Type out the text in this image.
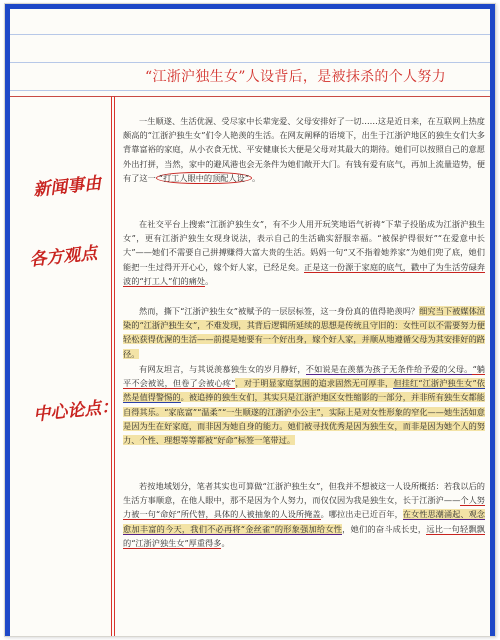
“江浙沪独生女”人设背后，是被抹杀的个人努力
新闻事由
各方观点
中心论点：

一生顺遂、生活优渥、受尽家中长辈宠爱、父母安排好了一切……这是近日来，在互联网上热度颇高的“江浙沪独生女”们令人艳羡的生活。在网友阐释的语境下，出生于江浙沪地区的独生女们大多背靠富裕的家庭，从小衣食无忧、平安健康长大便是父母对其最大的期待。她们可以按照自己的意愿外出打拼，当然，家中的避风港也会无条件为她们敞开大门。有钱有爱有底气，再加上流量造势，便有了这一 “打工人眼中的顶配人设” 。

在社交平台上搜索“江浙沪独生女”，有不少人用开玩笑地语气祈祷“下辈子投胎成为江浙沪独生女”，更有江浙沪独生女现身说法，表示自己的生活确实舒服幸福。“被保护得很好”“在爱意中长大”——她们不需要自己拼搏赚得大富大贵的生活。妈妈一句“又不指着她养家”为她们兜了底，她们能把一生过得开开心心，嫁个好人家，已经足矣。正是这一份源于家庭的底气，戳中了为生活劳碌奔波的“打工人”们的痛处。

然而，撕下“江浙沪独生女”被赋予的一层层标签，这一身份真的值得艳羡吗？细究当下被媒体渲染的“江浙沪独生女”，不难发现，其背后逻辑所延续的思想是传统且守旧的：女性可以不需要努力便轻松获得优渥的生活——前提是她要有一个好出身，嫁个好人家，并顺从地遵循父母为其安排好的路径。

有网友坦言，与其说羡慕独生女的岁月静好，不如说是在羡慕为孩子无条件给予爱的父母。“躺平不会被说，但卷了会被心疼”，对于明显家庭氛围的追求固然无可厚非，但挂红“江浙沪独生女”依然是值得警惕的。被追捧的独生女们，其实只是江浙沪地区女性缩影的一部分，并非所有独生女都能自得其乐。“家底富”“温柔”“一生顺遂的江浙沪小公主”，实际上是对女性形象的窄化——她生活如意是因为生在好家庭，而非因为她自身的能力。她们被寻找优秀是因为独生女，而非是因为她个人的努力、个性、理想等等都被“好命”标签一笔带过。

若按地域划分，笔者其实也可算做“江浙沪独生女”，但我并不想被这一人设所概括：若我以后的生活方事顺意，在他人眼中，那不是因为个人努力，而仅仅因为我是独生女，长于江浙沪——个人努力被一句“命好”所代替，具体的人被抽象的人设所掩盖。哪拉出走已近百年，在女性思潮涌起、观念愈加丰富的今天，我们不必再将“金丝雀”的形象强加给女性，她们的奋斗成长史，远比一句轻飘飘的“江浙沪独生女”厚重得多。
